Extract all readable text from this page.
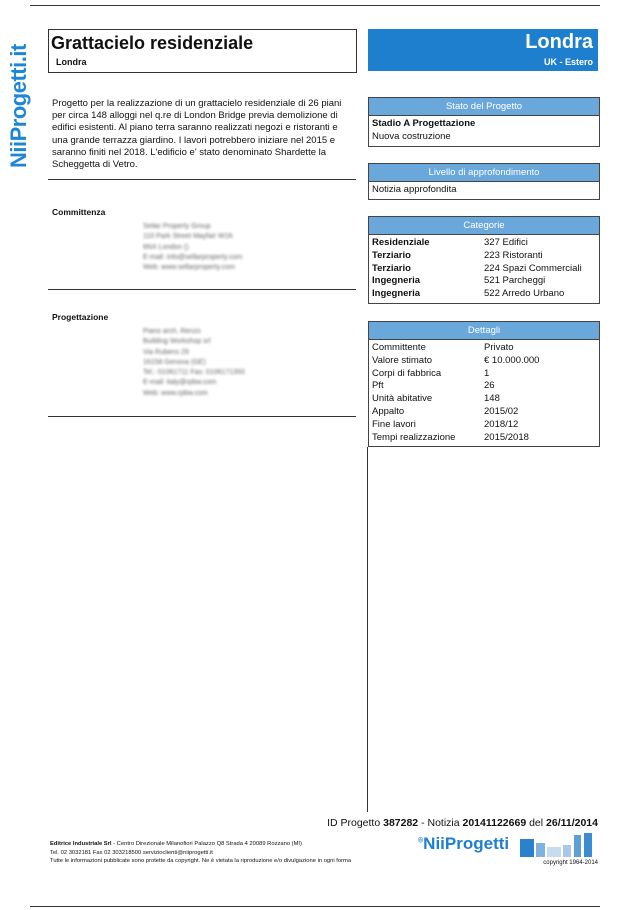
NiiProgetti.it
Grattacielo residenziale
Londra
Londra
UK - Estero
Progetto per la realizzazione di un grattacielo residenziale di 26 piani per circa 148 alloggi nel q.re di London Bridge previa demolizione di edifici esistenti. Al piano terra saranno realizzati negozi e ristoranti e una grande terrazza giardino. I lavori potrebbero iniziare nel 2015 e saranno finiti nel 2018. L'edificio e' stato denominato Shardette la Scheggetta di Vetro.
Committenza
Sellar Property Group
110 Park Street Mayfair W1K
6NX London ()
E-mail: info@sellarproperty.com
Web: www.sellarproperty.com
Progettazione
Piano arch. Renzo
Building Workshop srl
Via Rubens 29
16158 Genova (GE)
Tel.: 01061711 Fax: 0106171350
E-mail: italy@rpbw.com
Web: www.rpbw.com
Stato del Progetto
Stadio A Progettazione
Nuova costruzione
Livello di approfondimento
Notizia approfondita
Categorie
Residenziale	327 Edifici
Terziario	223 Ristoranti
Terziario	224 Spazi Commerciali
Ingegneria	521 Parcheggi
Ingegneria	522 Arredo Urbano
Dettagli
Committente	Privato
Valore stimato	€ 10.000.000
Corpi di fabbrica	1
Pft	26
Unità abitative	148
Appalto	2015/02
Fine lavori	2018/12
Tempi realizzazione	2015/2018
ID Progetto 387282 - Notizia 20141122669 del 26/11/2014
Editrice Industriale Srl - Centro Direzionale Milanofiori Palazzo Q8 Strada 4 20089 Rozzano (MI)
Tel. 02 3032181 Fax 02 303218500 servizioclienti@niiprogetti.it
Tutte le informazioni pubblicate sono protette da copyright. Ne è vietata la riproduzione e/o divulgazione in ogni forma
®NiiProgetti
copyright 1964-2014
